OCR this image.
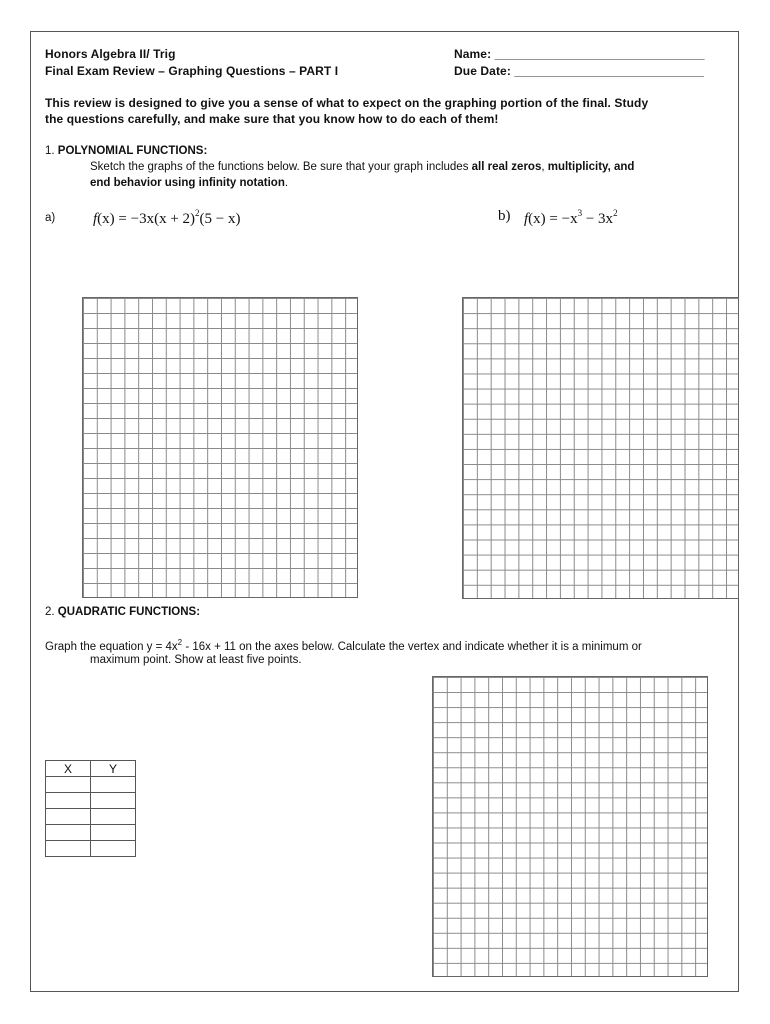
Honors Algebra II/ Trig
Final Exam Review – Graphing Questions – PART I
Name: _______________________________
Due Date: ____________________________
This review is designed to give you a sense of what to expect on the graphing portion of the final. Study
the questions carefully, and make sure that you know how to do each of them!
1. POLYNOMIAL FUNCTIONS:
Sketch the graphs of the functions below. Be sure that your graph includes all real zeros, multiplicity, and
end behavior using infinity notation.
a)	$f(x) = -3x(x + 2)^2(5 - x)$	b) $f(x) = -x^3 - 3x^2$
2. QUADRATIC FUNCTIONS:
Graph the equation $y = 4x^2 - 16x + 11$ on the axes below. Calculate the vertex and indicate whether it is a minimum or
maximum point. Show at least five points.
X	Y
